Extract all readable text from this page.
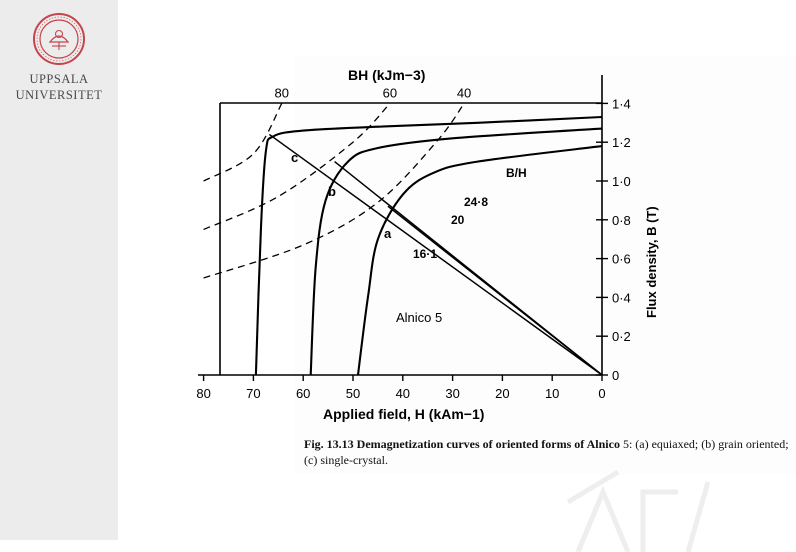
UPPSALA
UNIVERSITET
BH (kJm−3)
Applied field, H (kAm−1)
Flux density, B (T)
Alnico 5
B/H
24·8
20
16·1
c
b
a
80	70	60	50	40	30	20	10	0
0
0·2
0·4
0·6
0·8
1·0
1·2
1·4
80	60	40
Fig. 13.13 Demagnetization curves of oriented forms of Alnico 5: (a) equiaxed; (b) grain oriented; (c) single-crystal.
